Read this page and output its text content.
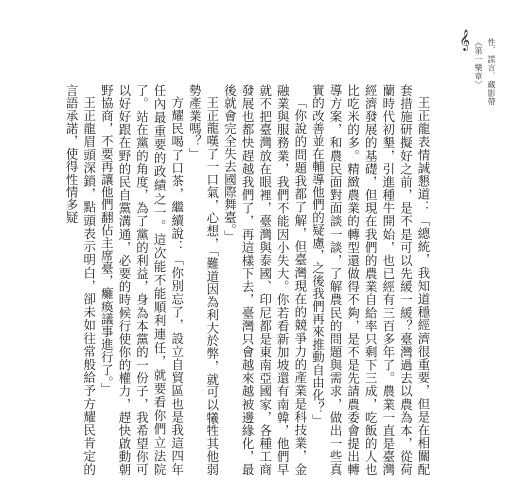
𝄞 《第一樂章》 性．謊言．藏影帶

王正龍表情誠懇道：「總統，我知道穩經濟很重要，但是在相關配套措施研擬好之前，是不是可以先緩一緩？臺灣過去以農為本，從荷蘭時代初墾，引進種牛開始，也已經有三百多年了。農業一直是臺灣經濟發展的基礎，但現在我們的農業自給率只剩下三成，吃飯的人也比吃米的多。精緻農業的轉型還做得不夠，是不是先請農委會提出轉導方案，和農民面對面談一談，了解農民的問題與需求，做出一些真實的改善並在輔導他們的疑慮，之後我們再來推動自由化？」

「你說的問題我都了解，但臺灣現在的競爭力的產業是科技業，金融業與服務業，我們不能因小失大。你若看新加坡還有南韓，他們早就不把臺灣放在眼裡，臺灣與泰國、印尼都是東南亞國家，各種工商發展也都快趕越我們了，再這樣下去，臺灣只會越來越被邊緣化，最後就會完全失去國際舞臺。」

王正龍嘆了一口氣，心想，「難道因為利大於弊，就可以犧牲其他弱勢產業嗎？」

方耀民喝了口茶，繼續說：「你別忘了，設立自貿區也是我這四年任內最重要的政績之一。這次能不能順利連任，就要看你們立法院了。站在黨的角度，為了黨的利益，身為本黨的一份子，我希望你可以好好跟在野的民自黨溝通，必要的時候行使你的權力，趕快啟動朝野協商，不要再讓他們翻佔主席臺，癱瘓議事進行了。」

王正龍眉頭深鎖，點頭表示明白，卻未如往常般給予方耀民肯定的言語承諾，使得性情多疑
